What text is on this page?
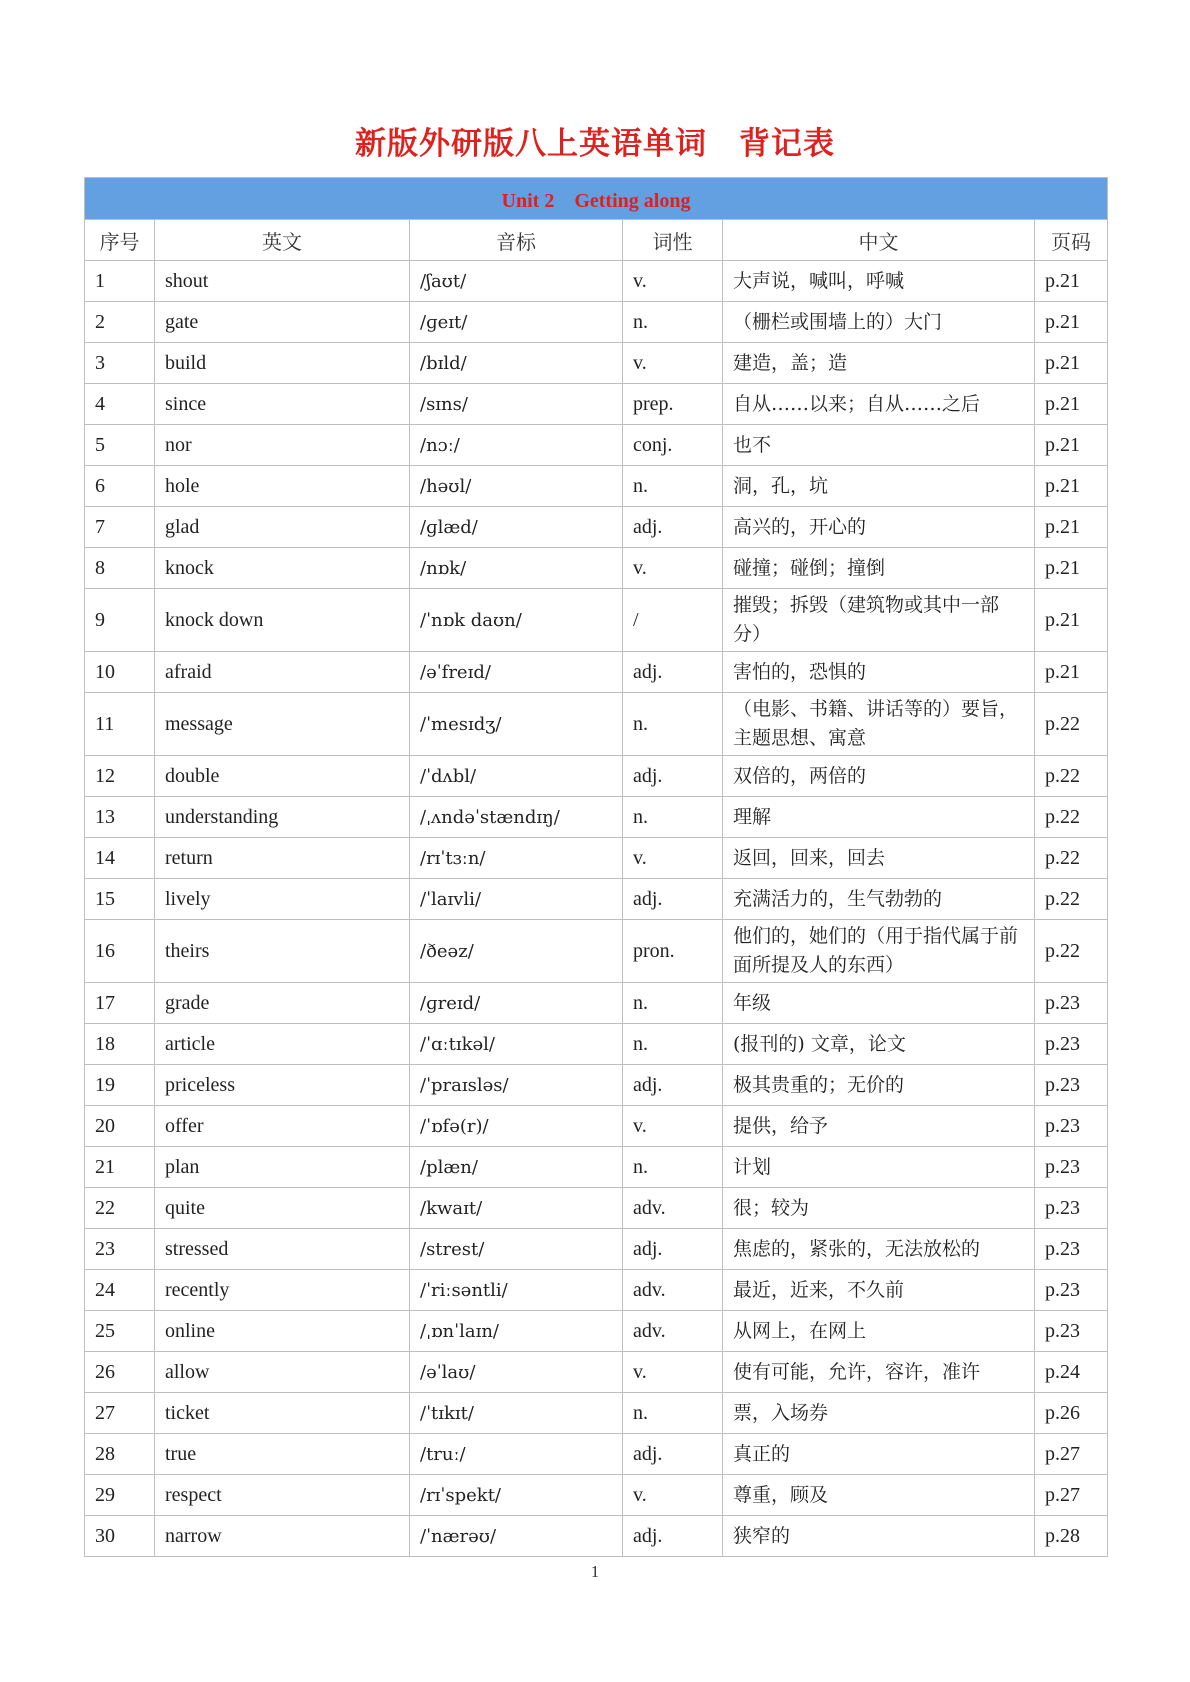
新版外研版八上英语单词　背记表
Unit 2　Getting along					
序号	英文	音标	词性	中文	页码
1	shout	/ʃaʊt/	v.	大声说，喊叫，呼喊	p.21
2	gate	/ɡeɪt/	n.	（栅栏或围墙上的）大门	p.21
3	build	/bɪld/	v.	建造，盖；造	p.21
4	since	/sɪns/	prep.	自从……以来；自从……之后	p.21
5	nor	/nɔː/	conj.	也不	p.21
6	hole	/həʊl/	n.	洞，孔，坑	p.21
7	glad	/ɡlæd/	adj.	高兴的，开心的	p.21
8	knock	/nɒk/	v.	碰撞；碰倒；撞倒	p.21
9	knock down	/ˈnɒk daʊn/	/	摧毁；拆毁（建筑物或其中一部分）	p.21
10	afraid	/əˈfreɪd/	adj.	害怕的，恐惧的	p.21
11	message	/ˈmesɪdʒ/	n.	（电影、书籍、讲话等的）要旨，主题思想、寓意	p.22
12	double	/ˈdʌbl/	adj.	双倍的，两倍的	p.22
13	understanding	/ˌʌndəˈstændɪŋ/	n.	理解	p.22
14	return	/rɪˈtɜːn/	v.	返回，回来，回去	p.22
15	lively	/ˈlaɪvli/	adj.	充满活力的，生气勃勃的	p.22
16	theirs	/ðeəz/	pron.	他们的，她们的（用于指代属于前面所提及人的东西）	p.22
17	grade	/ɡreɪd/	n.	年级	p.23
18	article	/ˈɑːtɪkəl/	n.	(报刊的) 文章，论文	p.23
19	priceless	/ˈpraɪsləs/	adj.	极其贵重的；无价的	p.23
20	offer	/ˈɒfə(r)/	v.	提供，给予	p.23
21	plan	/plæn/	n.	计划	p.23
22	quite	/kwaɪt/	adv.	很；较为	p.23
23	stressed	/strest/	adj.	焦虑的，紧张的，无法放松的	p.23
24	recently	/ˈriːsəntli/	adv.	最近，近来，不久前	p.23
25	online	/ˌɒnˈlaɪn/	adv.	从网上，在网上	p.23
26	allow	/əˈlaʊ/	v.	使有可能，允许，容许，准许	p.24
27	ticket	/ˈtɪkɪt/	n.	票，入场券	p.26
28	true	/truː/	adj.	真正的	p.27
29	respect	/rɪˈspekt/	v.	尊重，顾及	p.27
30	narrow	/ˈnærəʊ/	adj.	狭窄的	p.28
1
